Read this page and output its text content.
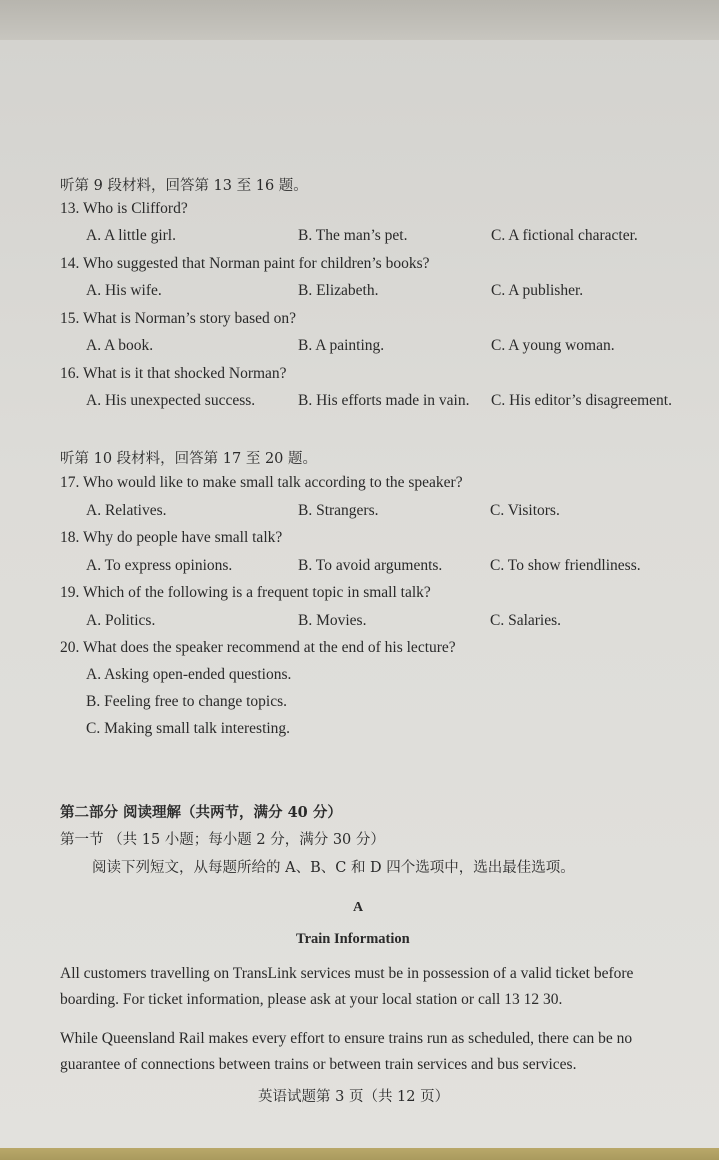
听第 9 段材料，回答第 13 至 16 题。
13. Who is Clifford?
A. A little girl.	B. The man’s pet.	C. A fictional character.
14. Who suggested that Norman paint for children’s books?
A. His wife.	B. Elizabeth.	C. A publisher.
15. What is Norman’s story based on?
A. A book.	B. A painting.	C. A young woman.
16. What is it that shocked Norman?
A. His unexpected success.	B. His efforts made in vain. C. His editor’s disagreement.
听第 10 段材料，回答第 17 至 20 题。
17. Who would like to make small talk according to the speaker?
A. Relatives.	B. Strangers.	C. Visitors.
18. Why do people have small talk?
A. To express opinions.	B. To avoid arguments.	C. To show friendliness.
19. Which of the following is a frequent topic in small talk?
A. Politics.	B. Movies.	C. Salaries.
20. What does the speaker recommend at the end of his lecture?
A. Asking open-ended questions.
B. Feeling free to change topics.
C. Making small talk interesting.
第二部分 阅读理解（共两节，满分 40 分）
第一节 （共 15 小题；每小题 2 分，满分 30 分）
阅读下列短文，从每题所给的 A、B、C 和 D 四个选项中，选出最佳选项。
A
Train Information
All customers travelling on TransLink services must be in possession of a valid ticket before
boarding. For ticket information, please ask at your local station or call 13 12 30.
While Queensland Rail makes every effort to ensure trains run as scheduled, there can be no
guarantee of connections between trains or between train services and bus services.
英语试题第 3 页（共 12 页）
